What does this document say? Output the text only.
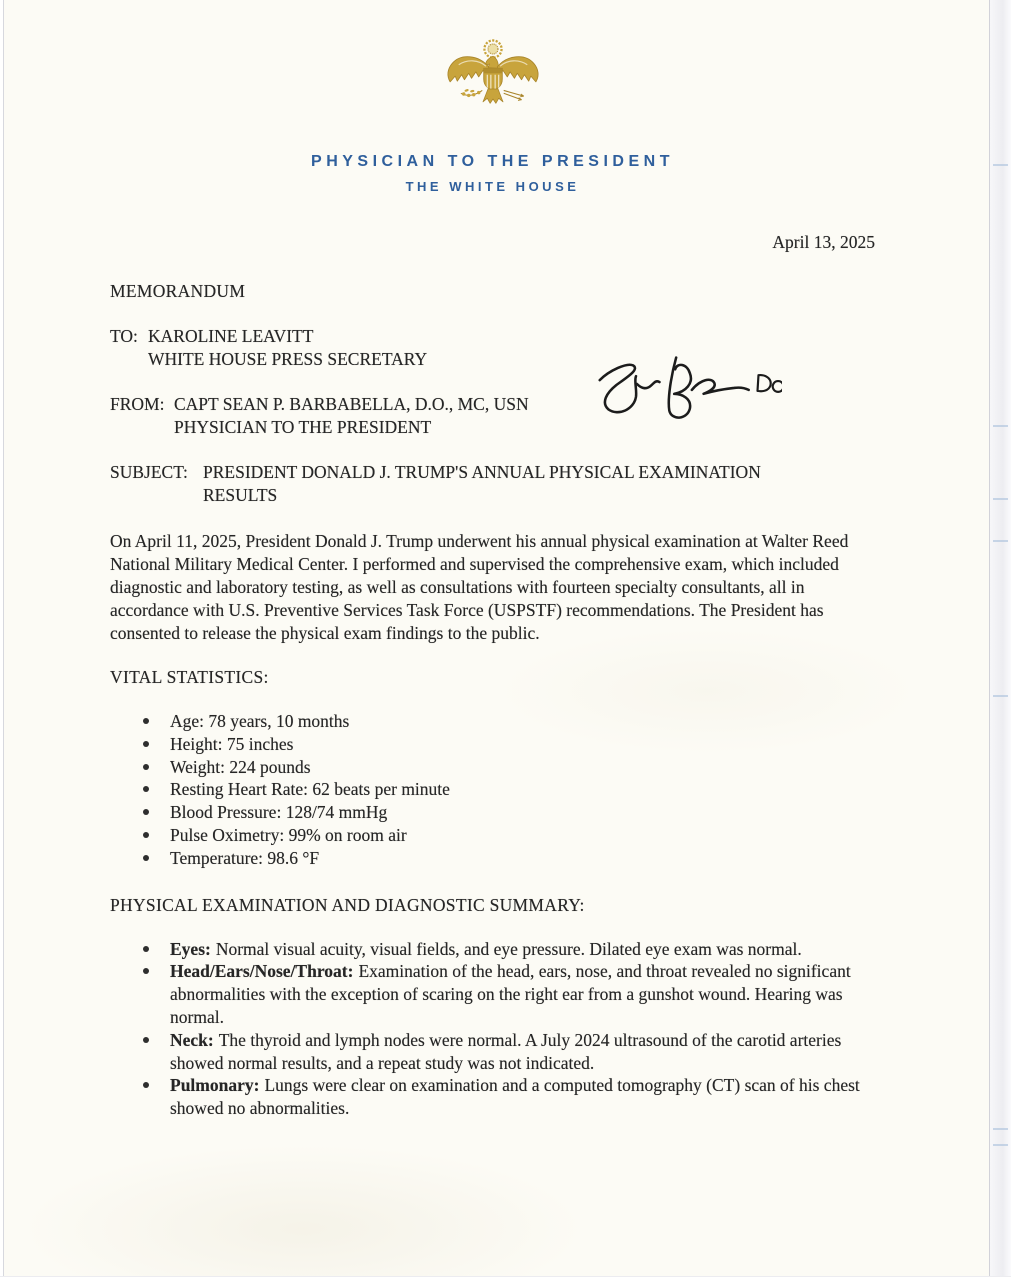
PHYSICIAN TO THE PRESIDENT
THE WHITE HOUSE
April 13, 2025
MEMORANDUM
TO: KAROLINE LEAVITT
WHITE HOUSE PRESS SECRETARY
FROM: CAPT SEAN P. BARBABELLA, D.O., MC, USN
PHYSICIAN TO THE PRESIDENT
SUBJECT: PRESIDENT DONALD J. TRUMP'S ANNUAL PHYSICAL EXAMINATION
RESULTS
On April 11, 2025, President Donald J. Trump underwent his annual physical examination at Walter Reed National Military Medical Center. I performed and supervised the comprehensive exam, which included diagnostic and laboratory testing, as well as consultations with fourteen specialty consultants, all in accordance with U.S. Preventive Services Task Force (USPSTF) recommendations. The President has consented to release the physical exam findings to the public.
VITAL STATISTICS:
Age: 78 years, 10 months
Height: 75 inches
Weight: 224 pounds
Resting Heart Rate: 62 beats per minute
Blood Pressure: 128/74 mmHg
Pulse Oximetry: 99% on room air
Temperature: 98.6 °F
PHYSICAL EXAMINATION AND DIAGNOSTIC SUMMARY:
Eyes: Normal visual acuity, visual fields, and eye pressure. Dilated eye exam was normal.
Head/Ears/Nose/Throat: Examination of the head, ears, nose, and throat revealed no significant abnormalities with the exception of scaring on the right ear from a gunshot wound. Hearing was normal.
Neck: The thyroid and lymph nodes were normal. A July 2024 ultrasound of the carotid arteries showed normal results, and a repeat study was not indicated.
Pulmonary: Lungs were clear on examination and a computed tomography (CT) scan of his chest showed no abnormalities.
